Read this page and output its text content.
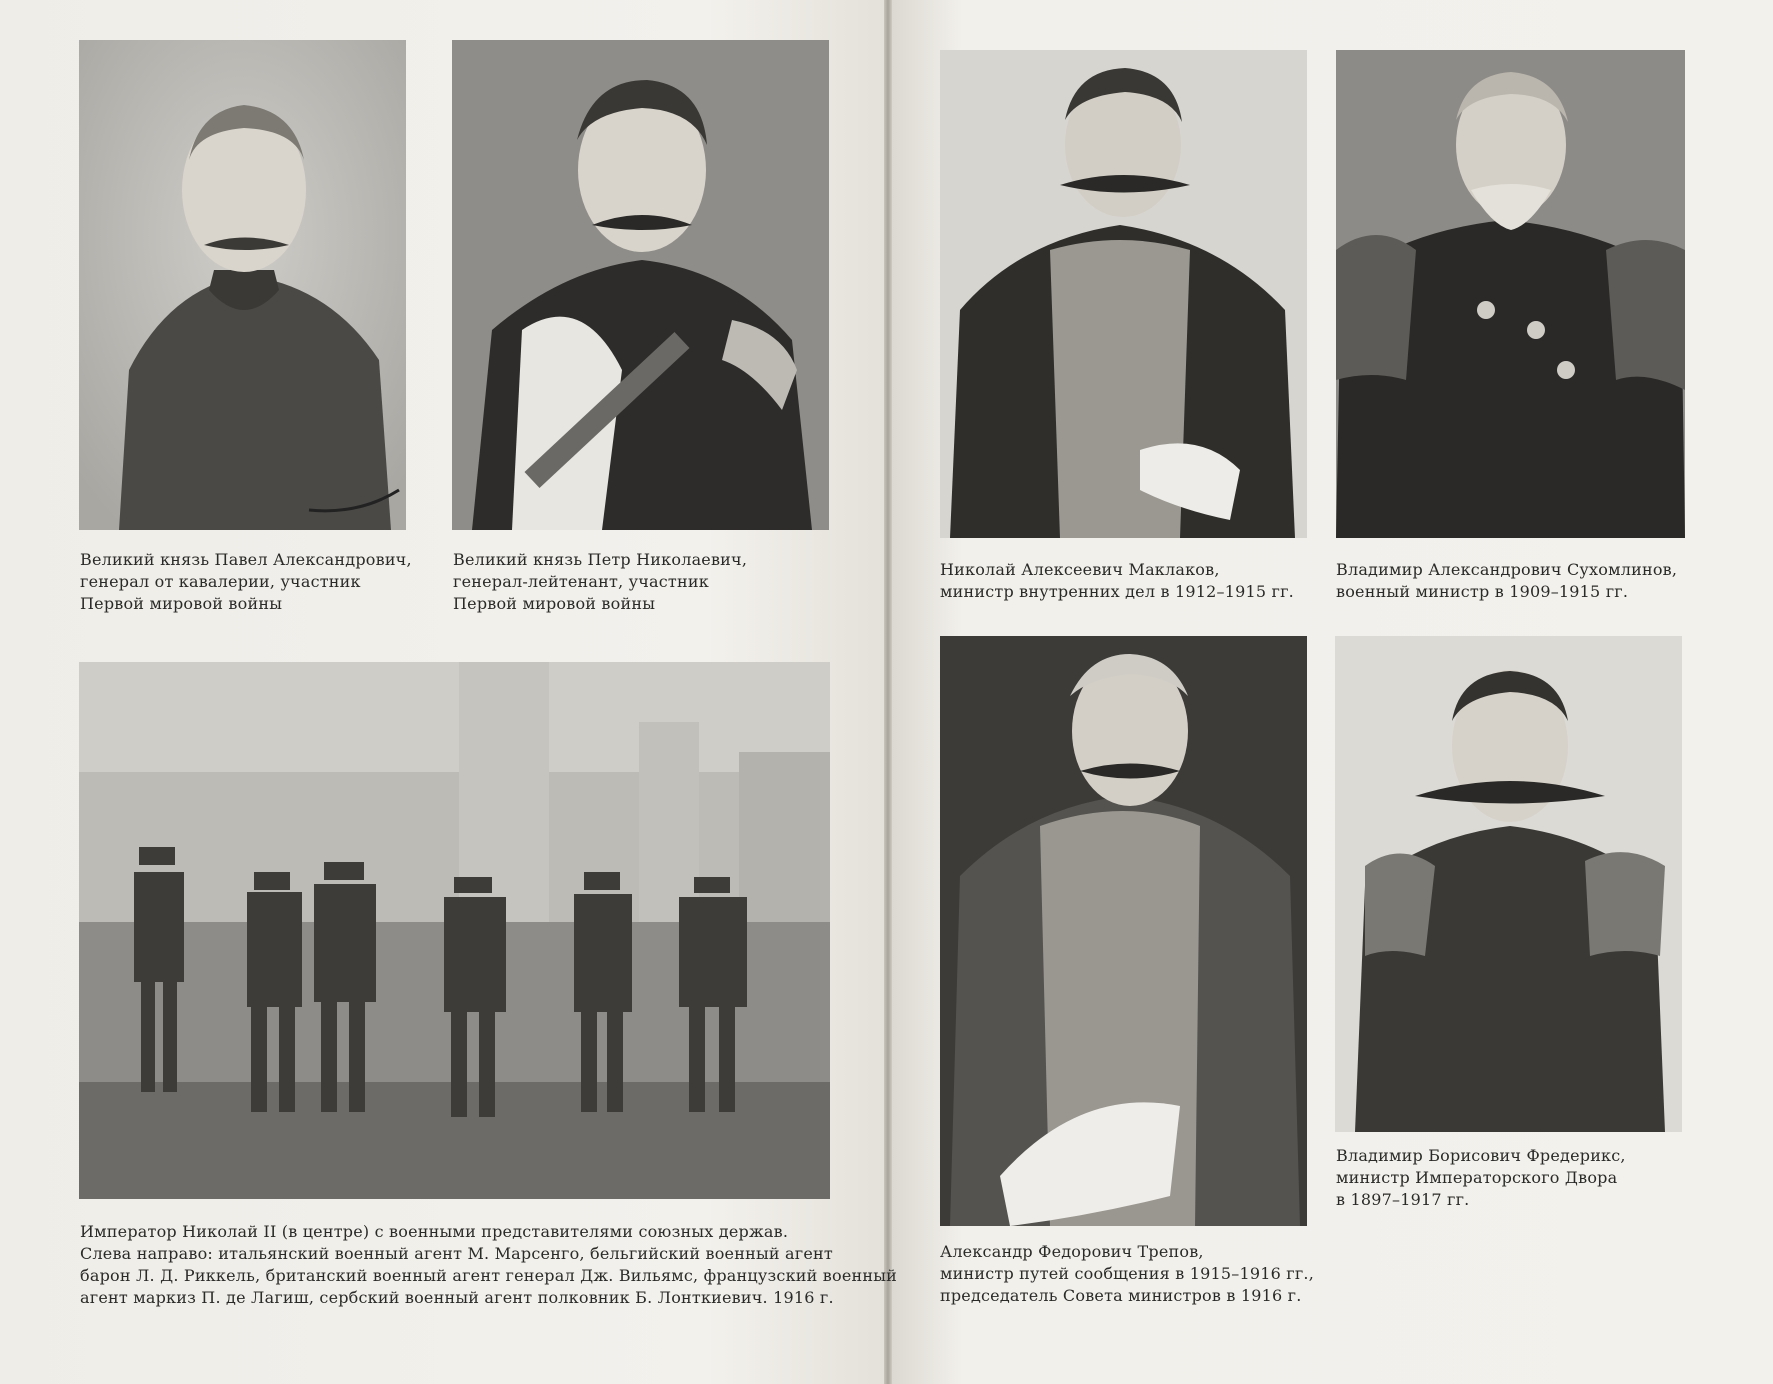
Великий князь Павел Александрович,
генерал от кавалерии, участник
Первой мировой войны
Великий князь Петр Николаевич,
генерал-лейтенант, участник
Первой мировой войны
Император Николай II (в центре) с военными представителями союзных держав.
Слева направо: итальянский военный агент М. Марсенго, бельгийский военный агент
барон Л. Д. Риккель, британский военный агент генерал Дж. Вильямс, французский военный
агент маркиз П. де Лагиш, сербский военный агент полковник Б. Лонткиевич. 1916 г.
Николай Алексеевич Маклаков,
министр внутренних дел в 1912–1915 гг.
Владимир Александрович Сухомлинов,
военный министр в 1909–1915 гг.
Владимир Борисович Фредерикс,
министр Императорского Двора
в 1897–1917 гг.
Александр Федорович Трепов,
министр путей сообщения в 1915–1916 гг.,
председатель Совета министров в 1916 г.
